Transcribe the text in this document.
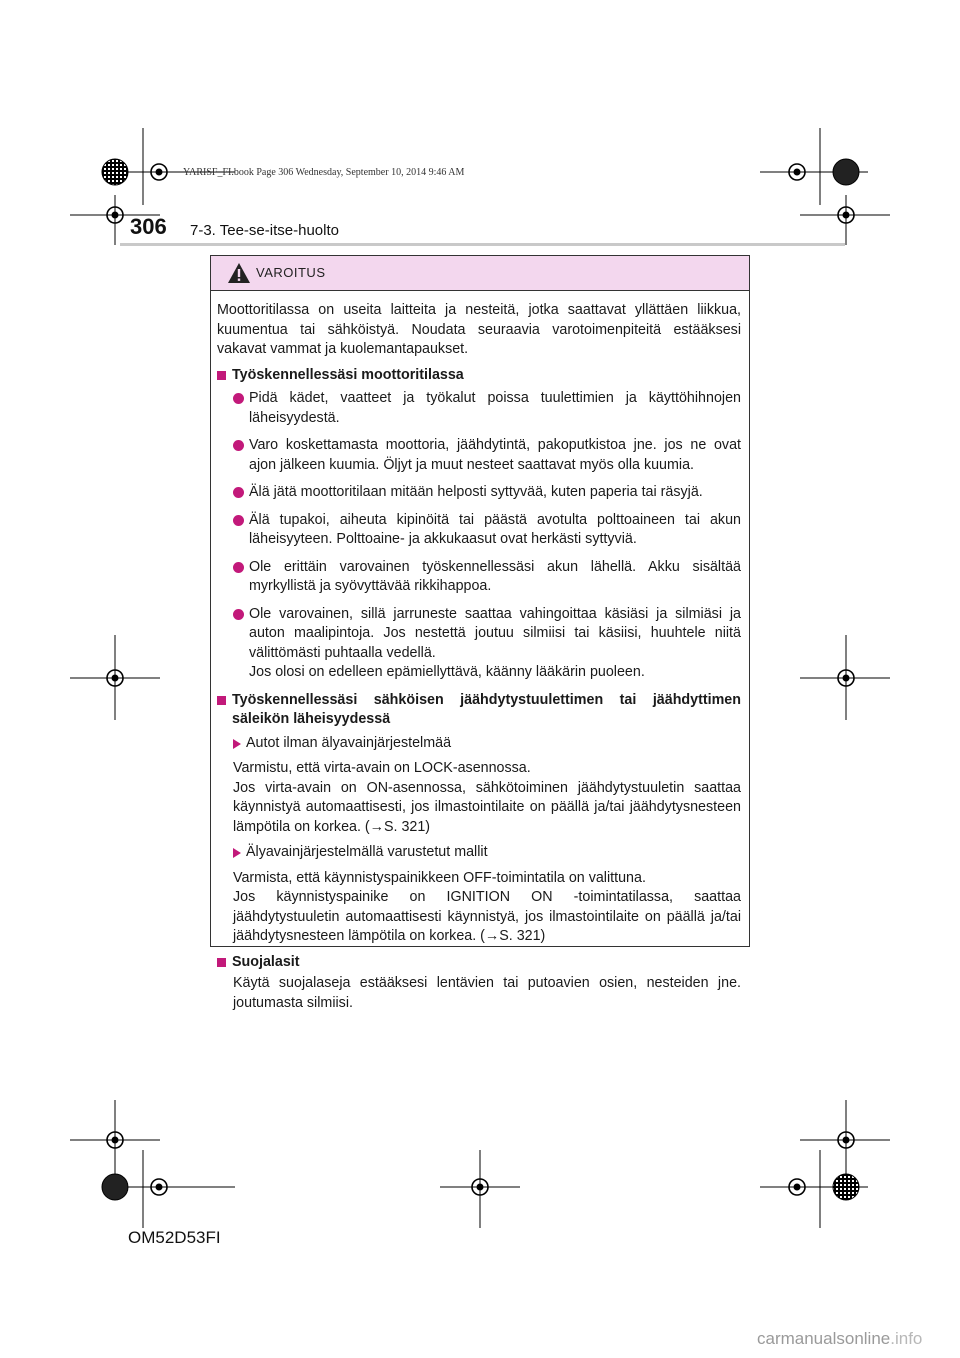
YARISF_FI.book Page 306 Wednesday, September 10, 2014 9:46 AM
306 7-3. Tee-se-itse-huolto
VAROITUS

Moottoritilassa on useita laitteita ja nesteitä, jotka saattavat yllättäen liikkua, kuumentua tai sähköistyä. Noudata seuraavia varotoimenpiteitä estääksesi vakavat vammat ja kuolemantapaukset.

Työskennellessäsi moottoritilassa
Pidä kädet, vaatteet ja työkalut poissa tuulettimien ja käyttöhihnojen läheisyydestä.
Varo koskettamasta moottoria, jäähdytintä, pakoputkistoa jne. jos ne ovat ajon jälkeen kuumia. Öljyt ja muut nesteet saattavat myös olla kuumia.
Älä jätä moottoritilaan mitään helposti syttyvää, kuten paperia tai räsyjä.
Älä tupakoi, aiheuta kipinöitä tai päästä avotulta polttoaineen tai akun läheisyyteen. Polttoaine- ja akkukaasut ovat herkästi syttyviä.
Ole erittäin varovainen työskennellessäsi akun lähellä. Akku sisältää myrkyllistä ja syövyttävää rikkihappoa.
Ole varovainen, sillä jarruneste saattaa vahingoittaa käsiäsi ja silmiäsi ja auton maalipintoja. Jos nestettä joutuu silmiisi tai käsiisi, huuhtele niitä välittömästi puhtaalla vedellä.
Jos olosi on edelleen epämiellyttävä, käänny lääkärin puoleen.
Työskennellessäsi sähköisen jäähdytystuulettimen tai jäähdyttimen säleikön läheisyydessä
Autot ilman älyavainjärjestelmää
Varmistu, että virta-avain on LOCK-asennossa.
Jos virta-avain on ON-asennossa, sähkötoiminen jäähdytystuuletin saattaa käynnistyä automaattisesti, jos ilmastointilaite on päällä ja/tai jäähdytysnesteen lämpötila on korkea. (→S. 321)
Älyavainjärjestelmällä varustetut mallit
Varmista, että käynnistyspainikkeen OFF-toimintatila on valittuna.
Jos käynnistyspainike on IGNITION ON -toimintatilassa, saattaa jäähdytystuuletin automaattisesti käynnistyä, jos ilmastointilaite on päällä ja/tai jäähdytysnesteen lämpötila on korkea. (→S. 321)
Suojalasit
Käytä suojalaseja estääksesi lentävien tai putoavien osien, nesteiden jne. joutumasta silmiisi.
OM52D53FI
carmanualsonline.info
